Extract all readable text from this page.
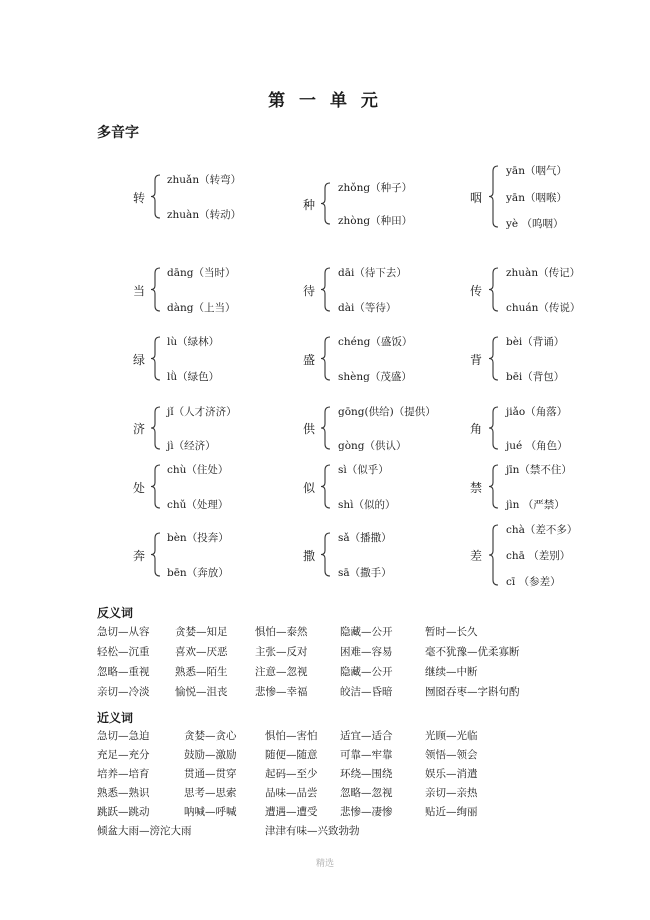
第 一 单 元
多音字
转
zhuǎn（转弯）
zhuàn（转动）
种
zhǒng（种子）
zhòng（种田）
咽
yān（咽气）
yān（咽喉）
yè （呜咽）
当
dāng（当时）
dàng（上当）
待
dāi（待下去）
dài（等待）
传
zhuàn（传记）
chuán（传说）
绿
lù（绿林）
lǜ（绿色）
盛
chéng（盛饭）
shèng（茂盛）
背
bèi（背诵）
bēi（背包）
济
jǐ（人才济济）
jì（经济）
供
gōng(供给)（提供）
gòng（供认）
角
jiǎo（角落）
jué （角色）
处
chù（住处）
chǔ（处理）
似
sì（似乎）
shì（似的）
禁
jīn（禁不住）
jìn （严禁）
奔
bèn（投奔）
bēn（奔放）
撒
sǎ（播撒）
sā（撒手）
差
chà（差不多）
chā （差别）
cī （参差）
反义词
急切—从容 贪婪—知足	惧怕—泰然	隐藏—公开	暂时—长久
轻松—沉重 喜欢—厌恶	主张—反对	困难—容易	毫不犹豫—优柔寡断
忽略—重视 熟悉—陌生	注意—忽视	隐藏—公开	继续—中断
亲切—冷淡 愉悦—沮丧	悲惨—幸福	皎洁—昏暗	囫囵吞枣—字斟句酌
近义词
急切—急迫	贪婪—贪心	惧怕—害怕 适宜—适合	光顾—光临
充足—充分	鼓励—激励	随便—随意 可靠—牢靠	领悟—领会
培养—培育	贯通—贯穿	起码—至少 环绕—围绕	娱乐—消遣
熟悉—熟识	思考—思索	品味—品尝 忽略—忽视	亲切—亲热
跳跃—跳动	呐喊—呼喊	遭遇—遭受 悲惨—凄惨	贴近—绚丽
倾盆大雨—滂沱大雨	津津有味—兴致勃勃
精选
